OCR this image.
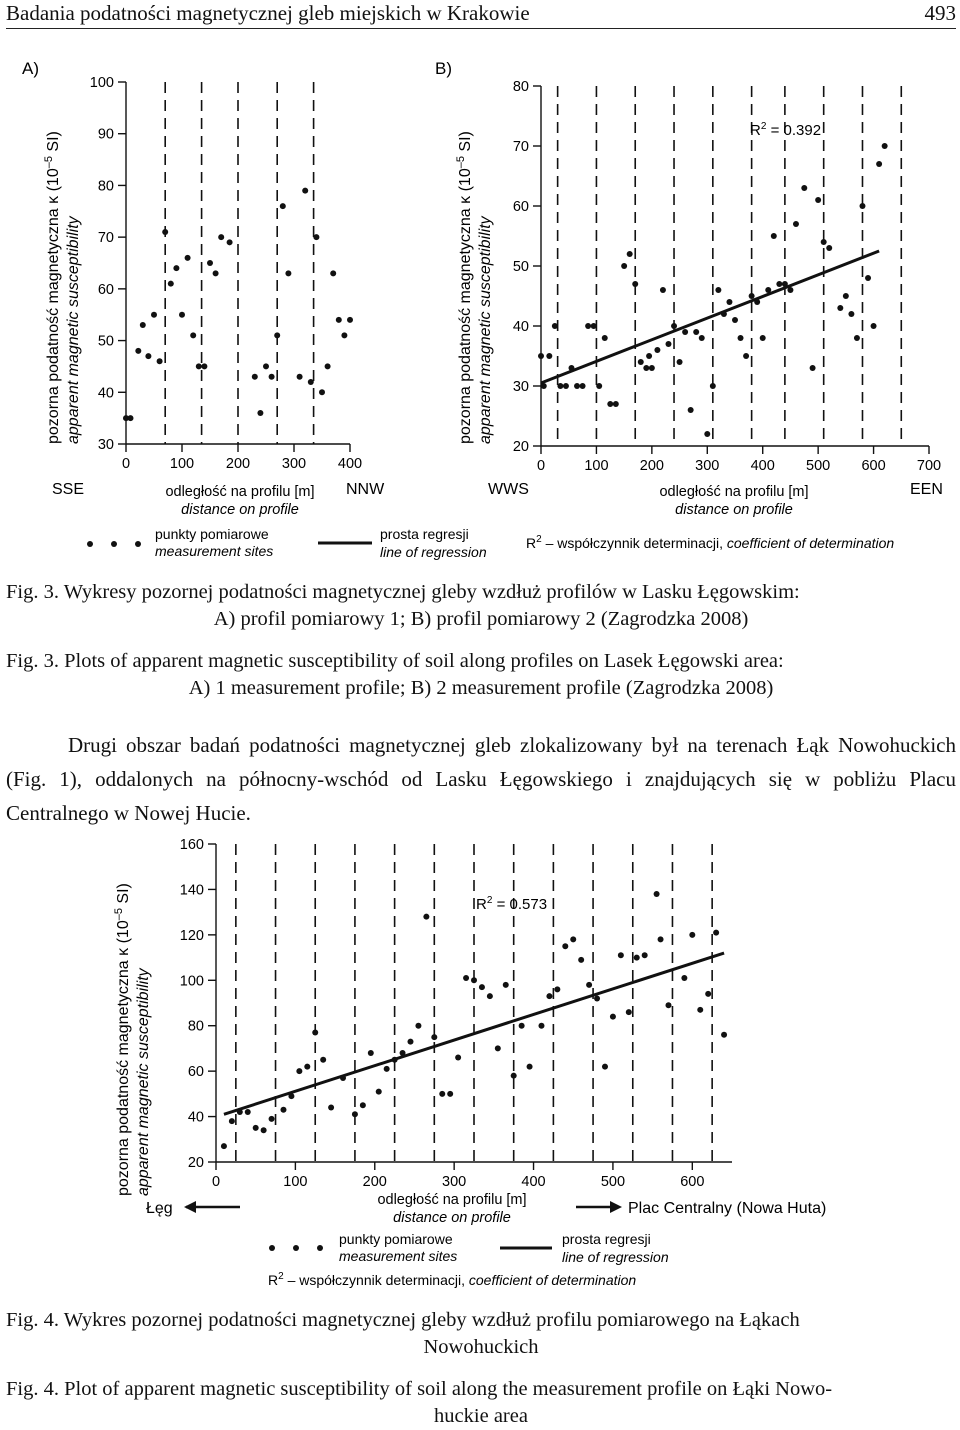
Badania podatności magnetycznej gleb miejskich w Krakowie	493
A)
pozorna podatność magnetyczna κ ($10^{-5}$ SI)
apparent magnetic susceptibility
30
40
50
60
70
80
90
100
0	100 200 300 400
SSE	NNW
odległość na profilu [m]
distance on profile
B)
pozorna podatność magnetyczna κ ($10^{-5}$ SI)
apparent magnetic susceptibility
20
30
40
50
60
70
80
0	100 200 300 400 500 600 700
$R^2 = 0.392$
WWS	EEN
odległość na profilu [m]
distance on profile
punkty pomiarowe
measurement sites
prosta regresji
line of regression
$R^2$ – współczynnik determinacji, coefficient of determination
Fig. 3. Wykresy pozornej podatności magnetycznej gleby wzdłuż profilów w Lasku Łęgowskim:
A) profil pomiarowy 1; B) profil pomiarowy 2 (Zagrodzka 2008)
Fig. 3. Plots of apparent magnetic susceptibility of soil along profiles on Lasek Łęgowski area:
A) 1 measurement profile; B) 2 measurement profile (Zagrodzka 2008)
Drugi obszar badań podatności magnetycznej gleb zlokalizowany był na terenach Łąk Nowohuckich (Fig. 1), oddalonych na północny-wschód od Lasku Łęgowskiego i znajdujących się w pobliżu Placu Centralnego w Nowej Hucie.
pozorna podatność magnetyczna κ ($10^{-5}$ SI)
apparent magnetic susceptibility 20
40
60
80
100
120
140
160
0	100	200	300	400	500	600
$R^2 = 0.573$
Łęg	Plac Centralny (Nowa Huta)
odległość na profilu [m]
distance on profile
punkty pomiarowe
measurement sites
prosta regresji
line of regression
$R^2$ – współczynnik determinacji, coefficient of determination
Fig. 4. Wykres pozornej podatności magnetycznej gleby wzdłuż profilu pomiarowego na Łąkach
Nowohuckich
Fig. 4. Plot of apparent magnetic susceptibility of soil along the measurement profile on Łąki Nowo-
huckie area
